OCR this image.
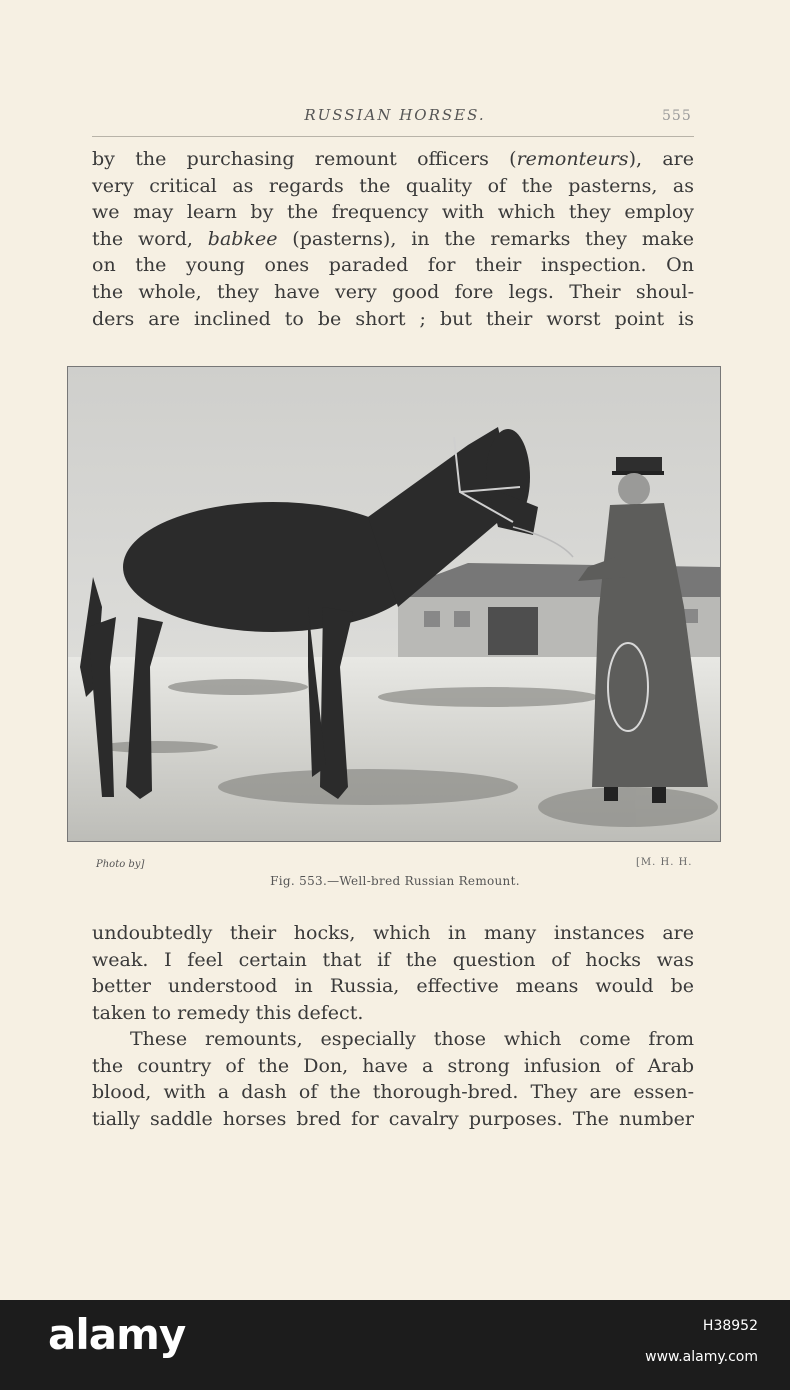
RUSSIAN HORSES.	555

by the purchasing remount officers (remonteurs), are
very critical as regards the quality of the pasterns, as
we may learn by the frequency with which they employ
the word, babkee (pasterns), in the remarks they make
on the young ones paraded for their inspection. On
the whole, they have very good fore legs. Their shoul-
ders are inclined to be short ; but their worst point is

Photo by]	[M. H. H.
Fig. 553.—Well-bred Russian Remount.

undoubtedly their hocks, which in many instances are
weak. I feel certain that if the question of hocks was
better understood in Russia, effective means would be
taken to remedy this defect.
These remounts, especially those which come from
the country of the Don, have a strong infusion of Arab
blood, with a dash of the thorough-bred. They are essen-
tially saddle horses bred for cavalry purposes. The number

alamy	H38952
www.alamy.com
